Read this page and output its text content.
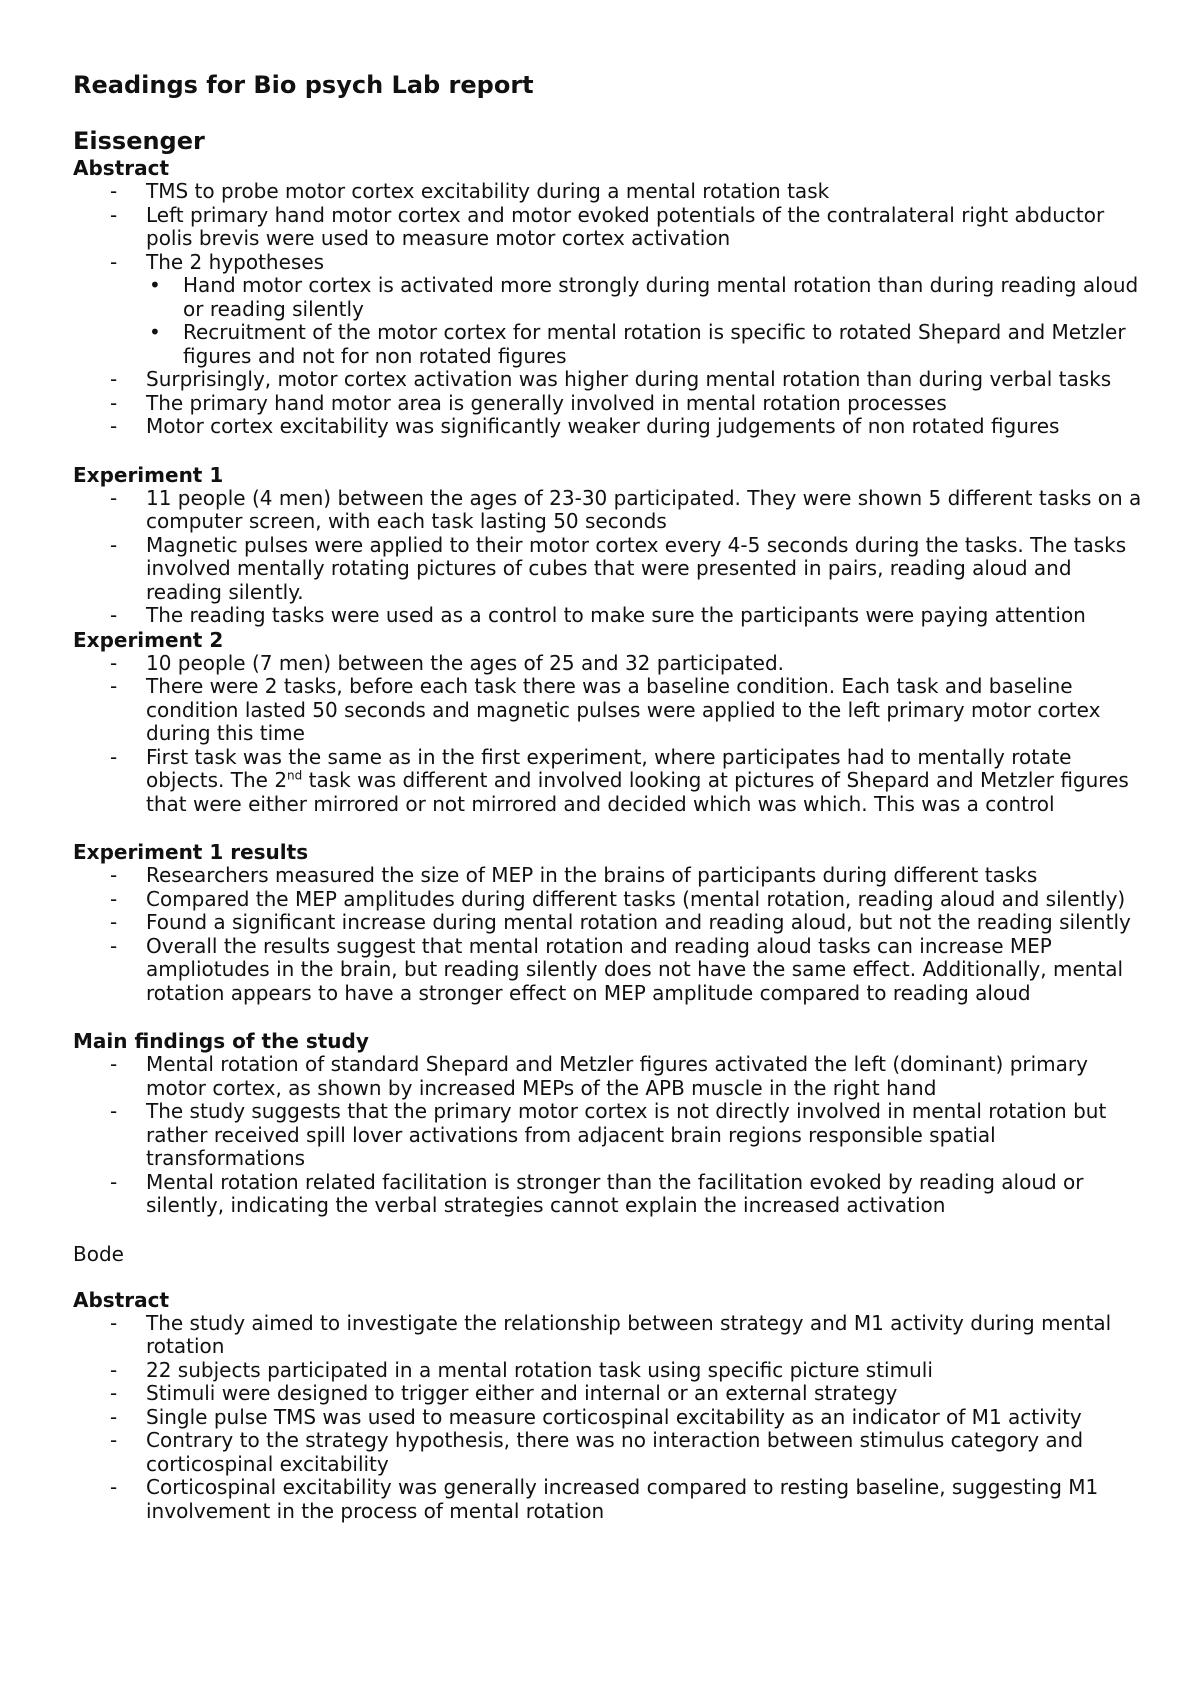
Readings for Bio psych Lab report
Eissenger
Abstract
- TMS to probe motor cortex excitability during a mental rotation task
- Left primary hand motor cortex and motor evoked potentials of the contralateral right abductor polis brevis were used to measure motor cortex activation
- The 2 hypotheses
• Hand motor cortex is activated more strongly during mental rotation than during reading aloud or reading silently
• Recruitment of the motor cortex for mental rotation is specific to rotated Shepard and Metzler figures and not for non rotated figures
- Surprisingly, motor cortex activation was higher during mental rotation than during verbal tasks
- The primary hand motor area is generally involved in mental rotation processes
- Motor cortex excitability was significantly weaker during judgements of non rotated figures
Experiment 1
- 11 people (4 men) between the ages of 23-30 participated. They were shown 5 different tasks on a computer screen, with each task lasting 50 seconds
- Magnetic pulses were applied to their motor cortex every 4-5 seconds during the tasks. The tasks involved mentally rotating pictures of cubes that were presented in pairs, reading aloud and reading silently.
- The reading tasks were used as a control to make sure the participants were paying attention
Experiment 2
- 10 people (7 men) between the ages of 25 and 32 participated.
- There were 2 tasks, before each task there was a baseline condition. Each task and baseline condition lasted 50 seconds and magnetic pulses were applied to the left primary motor cortex during this time
- First task was the same as in the first experiment, where participates had to mentally rotate objects. The 2nd task was different and involved looking at pictures of Shepard and Metzler figures that were either mirrored or not mirrored and decided which was which. This was a control
Experiment 1 results
- Researchers measured the size of MEP in the brains of participants during different tasks
- Compared the MEP amplitudes during different tasks (mental rotation, reading aloud and silently)
- Found a significant increase during mental rotation and reading aloud, but not the reading silently
- Overall the results suggest that mental rotation and reading aloud tasks can increase MEP ampliotudes in the brain, but reading silently does not have the same effect. Additionally, mental rotation appears to have a stronger effect on MEP amplitude compared to reading aloud
Main findings of the study
- Mental rotation of standard Shepard and Metzler figures activated the left (dominant) primary motor cortex, as shown by increased MEPs of the APB muscle in the right hand
- The study suggests that the primary motor cortex is not directly involved in mental rotation but rather received spill lover activations from adjacent brain regions responsible spatial transformations
- Mental rotation related facilitation is stronger than the facilitation evoked by reading aloud or silently, indicating the verbal strategies cannot explain the increased activation
Bode
Abstract
- The study aimed to investigate the relationship between strategy and M1 activity during mental rotation
- 22 subjects participated in a mental rotation task using specific picture stimuli
- Stimuli were designed to trigger either and internal or an external strategy
- Single pulse TMS was used to measure corticospinal excitability as an indicator of M1 activity
- Contrary to the strategy hypothesis, there was no interaction between stimulus category and corticospinal excitability
- Corticospinal excitability was generally increased compared to resting baseline, suggesting M1 involvement in the process of mental rotation
